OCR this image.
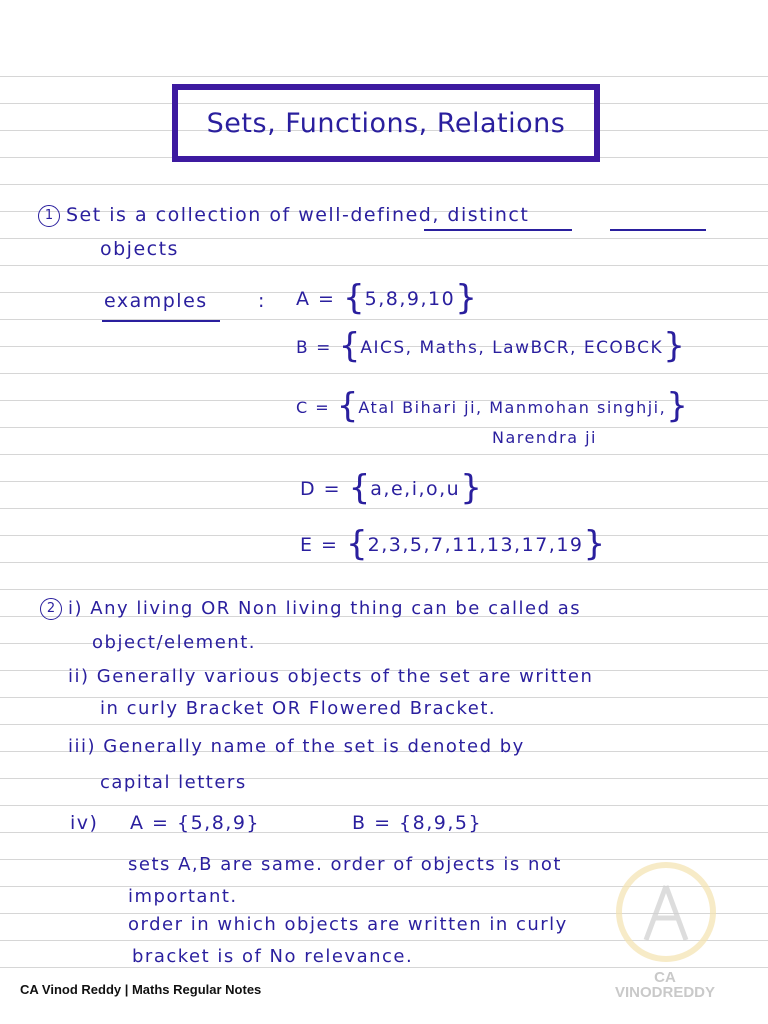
Sets, Functions, Relations
1 Set is a collection of well-defined, distinct
objects
examples	: A = {5,8,9,10}
B = {AICS, Maths, LawBCR, ECOBCK}
C = {Atal Bihari ji, Manmohan singhji,}
Narendra ji
D = {a,e,i,o,u}
E = {2,3,5,7,11,13,17,19}
2 i) Any living OR Non living thing can be called as
object/element.
ii) Generally various objects of the set are written
in curly Bracket OR Flowered Bracket.
iii) Generally name of the set is denoted by
capital letters
iv) A = {5,8,9}	B = {8,9,5}
sets A,B are same. order of objects is not
important.
order in which objects are written in curly
bracket is of No relevance.
CA
VINODREDDY
CA Vinod Reddy | Maths Regular Notes
